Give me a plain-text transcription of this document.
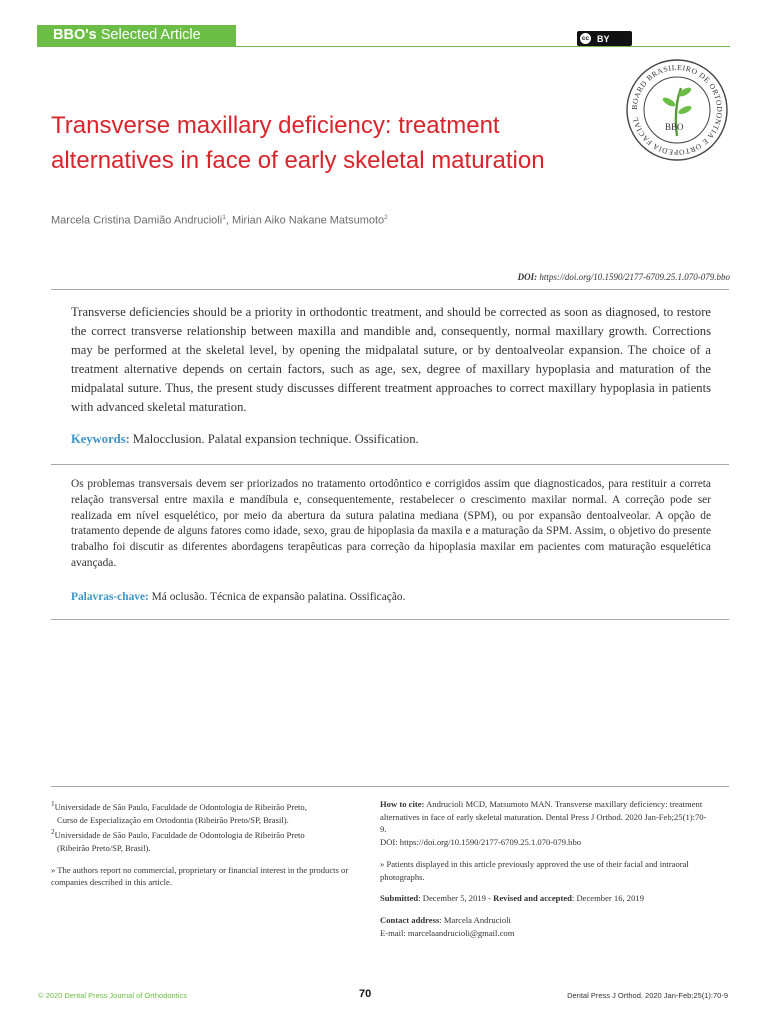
BBO's Selected Article	cc BY
BOARD BRASILEIRO DE ORTODONTIA E ORTOPEDIA FACIAL
BBO
Transverse maxillary deficiency: treatment
alternatives in face of early skeletal maturation
Marcela Cristina Damião Andrucioli$^1$, Mirian Aiko Nakane Matsumoto$^2$
DOI: https://doi.org/10.1590/2177-6709.25.1.070-079.bbo
Transverse deficiencies should be a priority in orthodontic treatment, and should be corrected as soon as diagnosed, to restore the correct transverse relationship between maxilla and mandible and, consequently, normal maxillary growth. Corrections may be performed at the skeletal level, by opening the midpalatal suture, or by dentoalveolar expansion. The choice of a treatment alternative depends on certain factors, such as age, sex, degree of maxillary hypoplasia and maturation of the midpalatal suture. Thus, the present study discusses different treatment approaches to correct maxillary hypoplasia in patients with advanced skeletal maturation.
Keywords: Malocclusion. Palatal expansion technique. Ossification.
Os problemas transversais devem ser priorizados no tratamento ortodôntico e corrigidos assim que diagnosticados, para restituir a correta relação transversal entre maxila e mandíbula e, consequentemente, restabelecer o crescimento maxilar normal. A correção pode ser realizada em nível esquelético, por meio da abertura da sutura palatina mediana (SPM), ou por expansão dentoalveolar. A opção de tratamento depende de alguns fatores como idade, sexo, grau de hipoplasia da maxila e a maturação da SPM. Assim, o objetivo do presente trabalho foi discutir as diferentes abordagens terapêuticas para correção da hipoplasia maxilar em pacientes com maturação esquelética avançada.
Palavras-chave: Má oclusão. Técnica de expansão palatina. Ossificação.

$^1$Universidade de São Paulo, Faculdade de Odontologia de Ribeirão Preto,

Curso de Especialização em Ortodontia (Ribeirão Preto/SP, Brasil).

$^2$Universidade de São Paulo, Faculdade de Odontologia de Ribeirão Preto

(Ribeirão Preto/SP, Brasil).

» The authors report no commercial, proprietary or financial interest in the products or companies described in this article.

How to cite: Andrucioli MCD, Matsumoto MAN. Transverse maxillary deficiency: treatment alternatives in face of early skeletal maturation. Dental Press J Orthod. 2020 Jan-Feb;25(1):70-9.

DOI: https://doi.org/10.1590/2177-6709.25.1.070-079.bbo

» Patients displayed in this article previously approved the use of their facial and intraoral photographs.

Submitted: December 5, 2019 - Revised and accepted: December 16, 2019

Contact address: Marcela Andrucioli

E-mail: marcelaandrucioli@gmail.com

© 2020 Dental Press Journal of Orthodontics	70	Dental Press J Orthod. 2020 Jan-Feb;25(1):70-9
